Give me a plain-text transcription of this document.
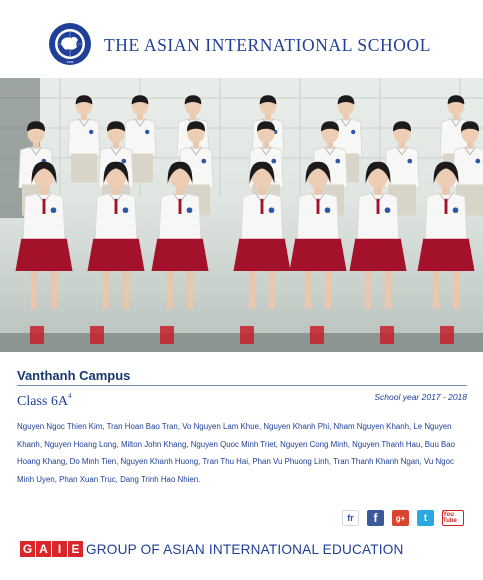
1996
THE ASIAN INTERNATIONAL SCHOOL
Vanthanh Campus
Class $6A^4$	School year 2017 - 2018
Nguyen Ngoc Thien Kim, Tran Hoan Bao Tran, Vo Nguyen Lam Khue, Nguyen Khanh Phi, Nham Nguyen Khanh, Le Nguyen Khanh, Nguyen Hoang Long, Milton John Khang, Nguyen Quoc Minh Triet, Nguyen Cong Minh, Nguyen Thanh Hau, Buu Bao Hoang Khang, Do Minh Tien, Nguyen Khanh Huong, Tran Thu Hai, Phan Vu Phuong Linh, Tran Thanh Khanh Ngan, Vu Ngoc Minh Uyen, Phan Xuan Truc, Dang Trinh Hao Nhien.
fr	f	g+	t	You Tube
G A I E GROUP OF ASIAN INTERNATIONAL EDUCATION
